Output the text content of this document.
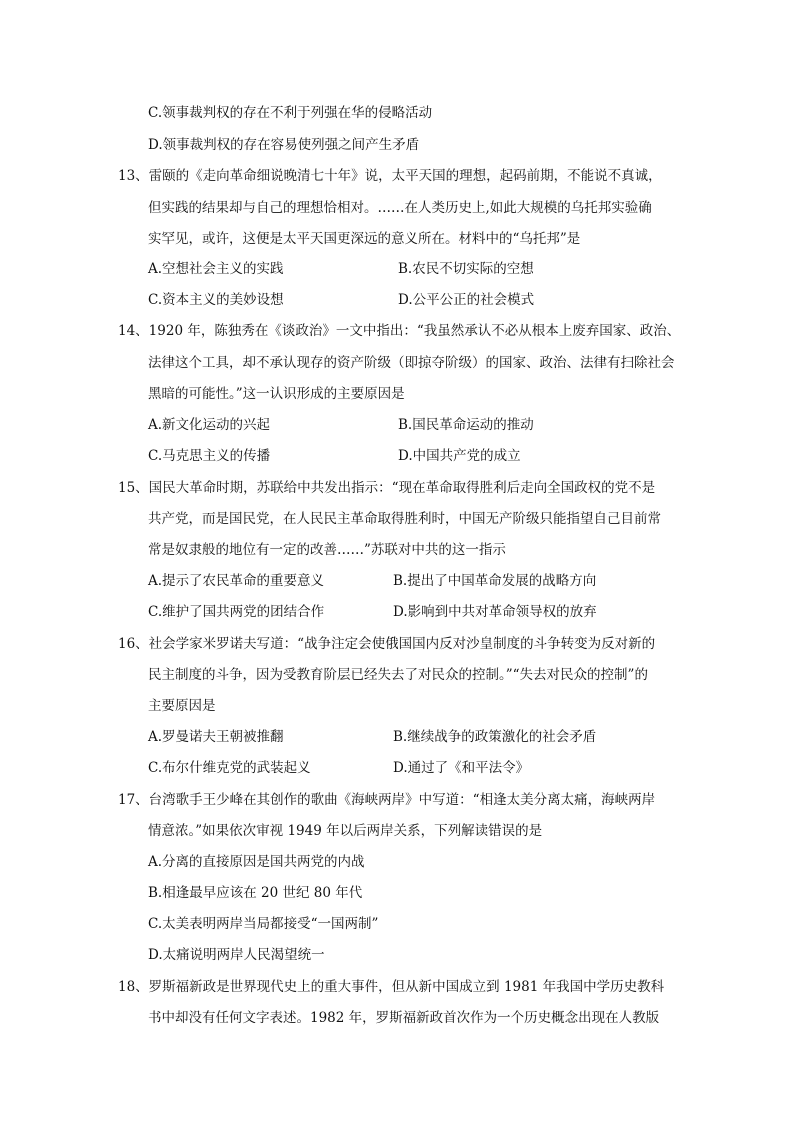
C.领事裁判权的存在不利于列强在华的侵略活动
D.领事裁判权的存在容易使列强之间产生矛盾
13、雷颐的《走向革命细说晚清七十年》说，太平天国的理想，起码前期，不能说不真诚，
但实践的结果却与自己的理想恰相对。……在人类历史上,如此大规模的乌托邦实验确
实罕见，或许，这便是太平天国更深远的意义所在。材料中的“乌托邦”是
A.空想社会主义的实践	B.农民不切实际的空想
C.资本主义的美妙设想	D.公平公正的社会模式
14、1920 年，陈独秀在《谈政治》一文中指出：“我虽然承认不必从根本上废弃国家、政治、
法律这个工具，却不承认现存的资产阶级（即掠夺阶级）的国家、政治、法律有扫除社会
黑暗的可能性。”这一认识形成的主要原因是
A.新文化运动的兴起	B.国民革命运动的推动
C.马克思主义的传播	D.中国共产党的成立
15、国民大革命时期，苏联给中共发出指示：“现在革命取得胜利后走向全国政权的党不是
共产党，而是国民党，在人民民主革命取得胜利时，中国无产阶级只能指望自己目前常
常是奴隶般的地位有一定的改善……”苏联对中共的这一指示
A.提示了农民革命的重要意义	B.提出了中国革命发展的战略方向
C.维护了国共两党的团结合作	D.影响到中共对革命领导权的放弃
16、社会学家米罗诺夫写道：“战争注定会使俄国国内反对沙皇制度的斗争转变为反对新的
民主制度的斗争，因为受教育阶层已经失去了对民众的控制。”“失去对民众的控制”的
主要原因是
A.罗曼诺夫王朝被推翻	B.继续战争的政策激化的社会矛盾
C.布尔什维克党的武装起义	D.通过了《和平法令》
17、台湾歌手王少峰在其创作的歌曲《海峡两岸》中写道：“相逢太美分离太痛，海峡两岸
情意浓。”如果依次审视 1949 年以后两岸关系，下列解读错误的是
A.分离的直接原因是国共两党的内战
B.相逢最早应该在 20 世纪 80 年代
C.太美表明两岸当局都接受“一国两制”
D.太痛说明两岸人民渴望统一
18、罗斯福新政是世界现代史上的重大事件，但从新中国成立到 1981 年我国中学历史教科
书中却没有任何文字表述。1982 年，罗斯福新政首次作为一个历史概念出现在人教版
